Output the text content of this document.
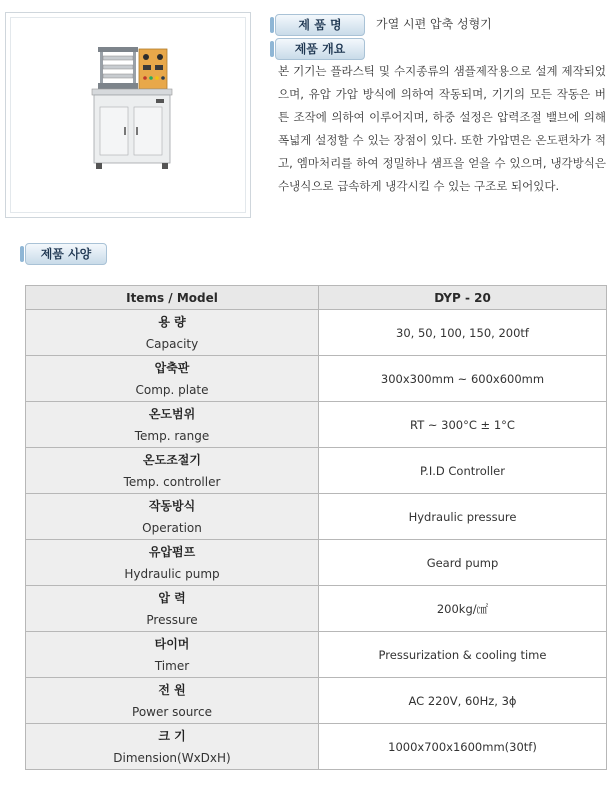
제 품 명	가열 시편 압축 성형기
제품 개요

본 기기는 플라스틱 및 수지종류의 샘플제작용으로 설계 제작되었으며, 유압 가압 방식에 의하여 작동되며, 기기의 모든 작동은 버튼 조작에 의하여 이루어지며, 하중 설정은 압력조절 밸브에 의해 폭넓게 설정할 수 있는 장점이 있다. 또한 가압면은 온도편차가 적고, 엠마처리를 하여 정밀하나 샘프을 얻을 수 있으며, 냉각방식은 수냉식으로 급속하게 냉각시킬 수 있는 구조로 되어있다.

제품 사양
Items / Model	DYP - 20

용 량
Capacity	30, 50, 100, 150, 200tf

압축판
Comp. plate	300x300mm ~ 600x600mm

온도범위
Temp. range	RT ~ 300°C ± 1°C

온도조절기
Temp. controller	P.I.D Controller

작동방식
Operation	Hydraulic pressure

유압펌프
Hydraulic pump	Geard pump

압 력
Pressure	200kg/㎠

타이머
Timer	Pressurization & cooling time

전 원
Power source	AC 220V, 60Hz, 3ϕ

크 기
Dimension(WxDxH)	1000x700x1600mm(30tf)
